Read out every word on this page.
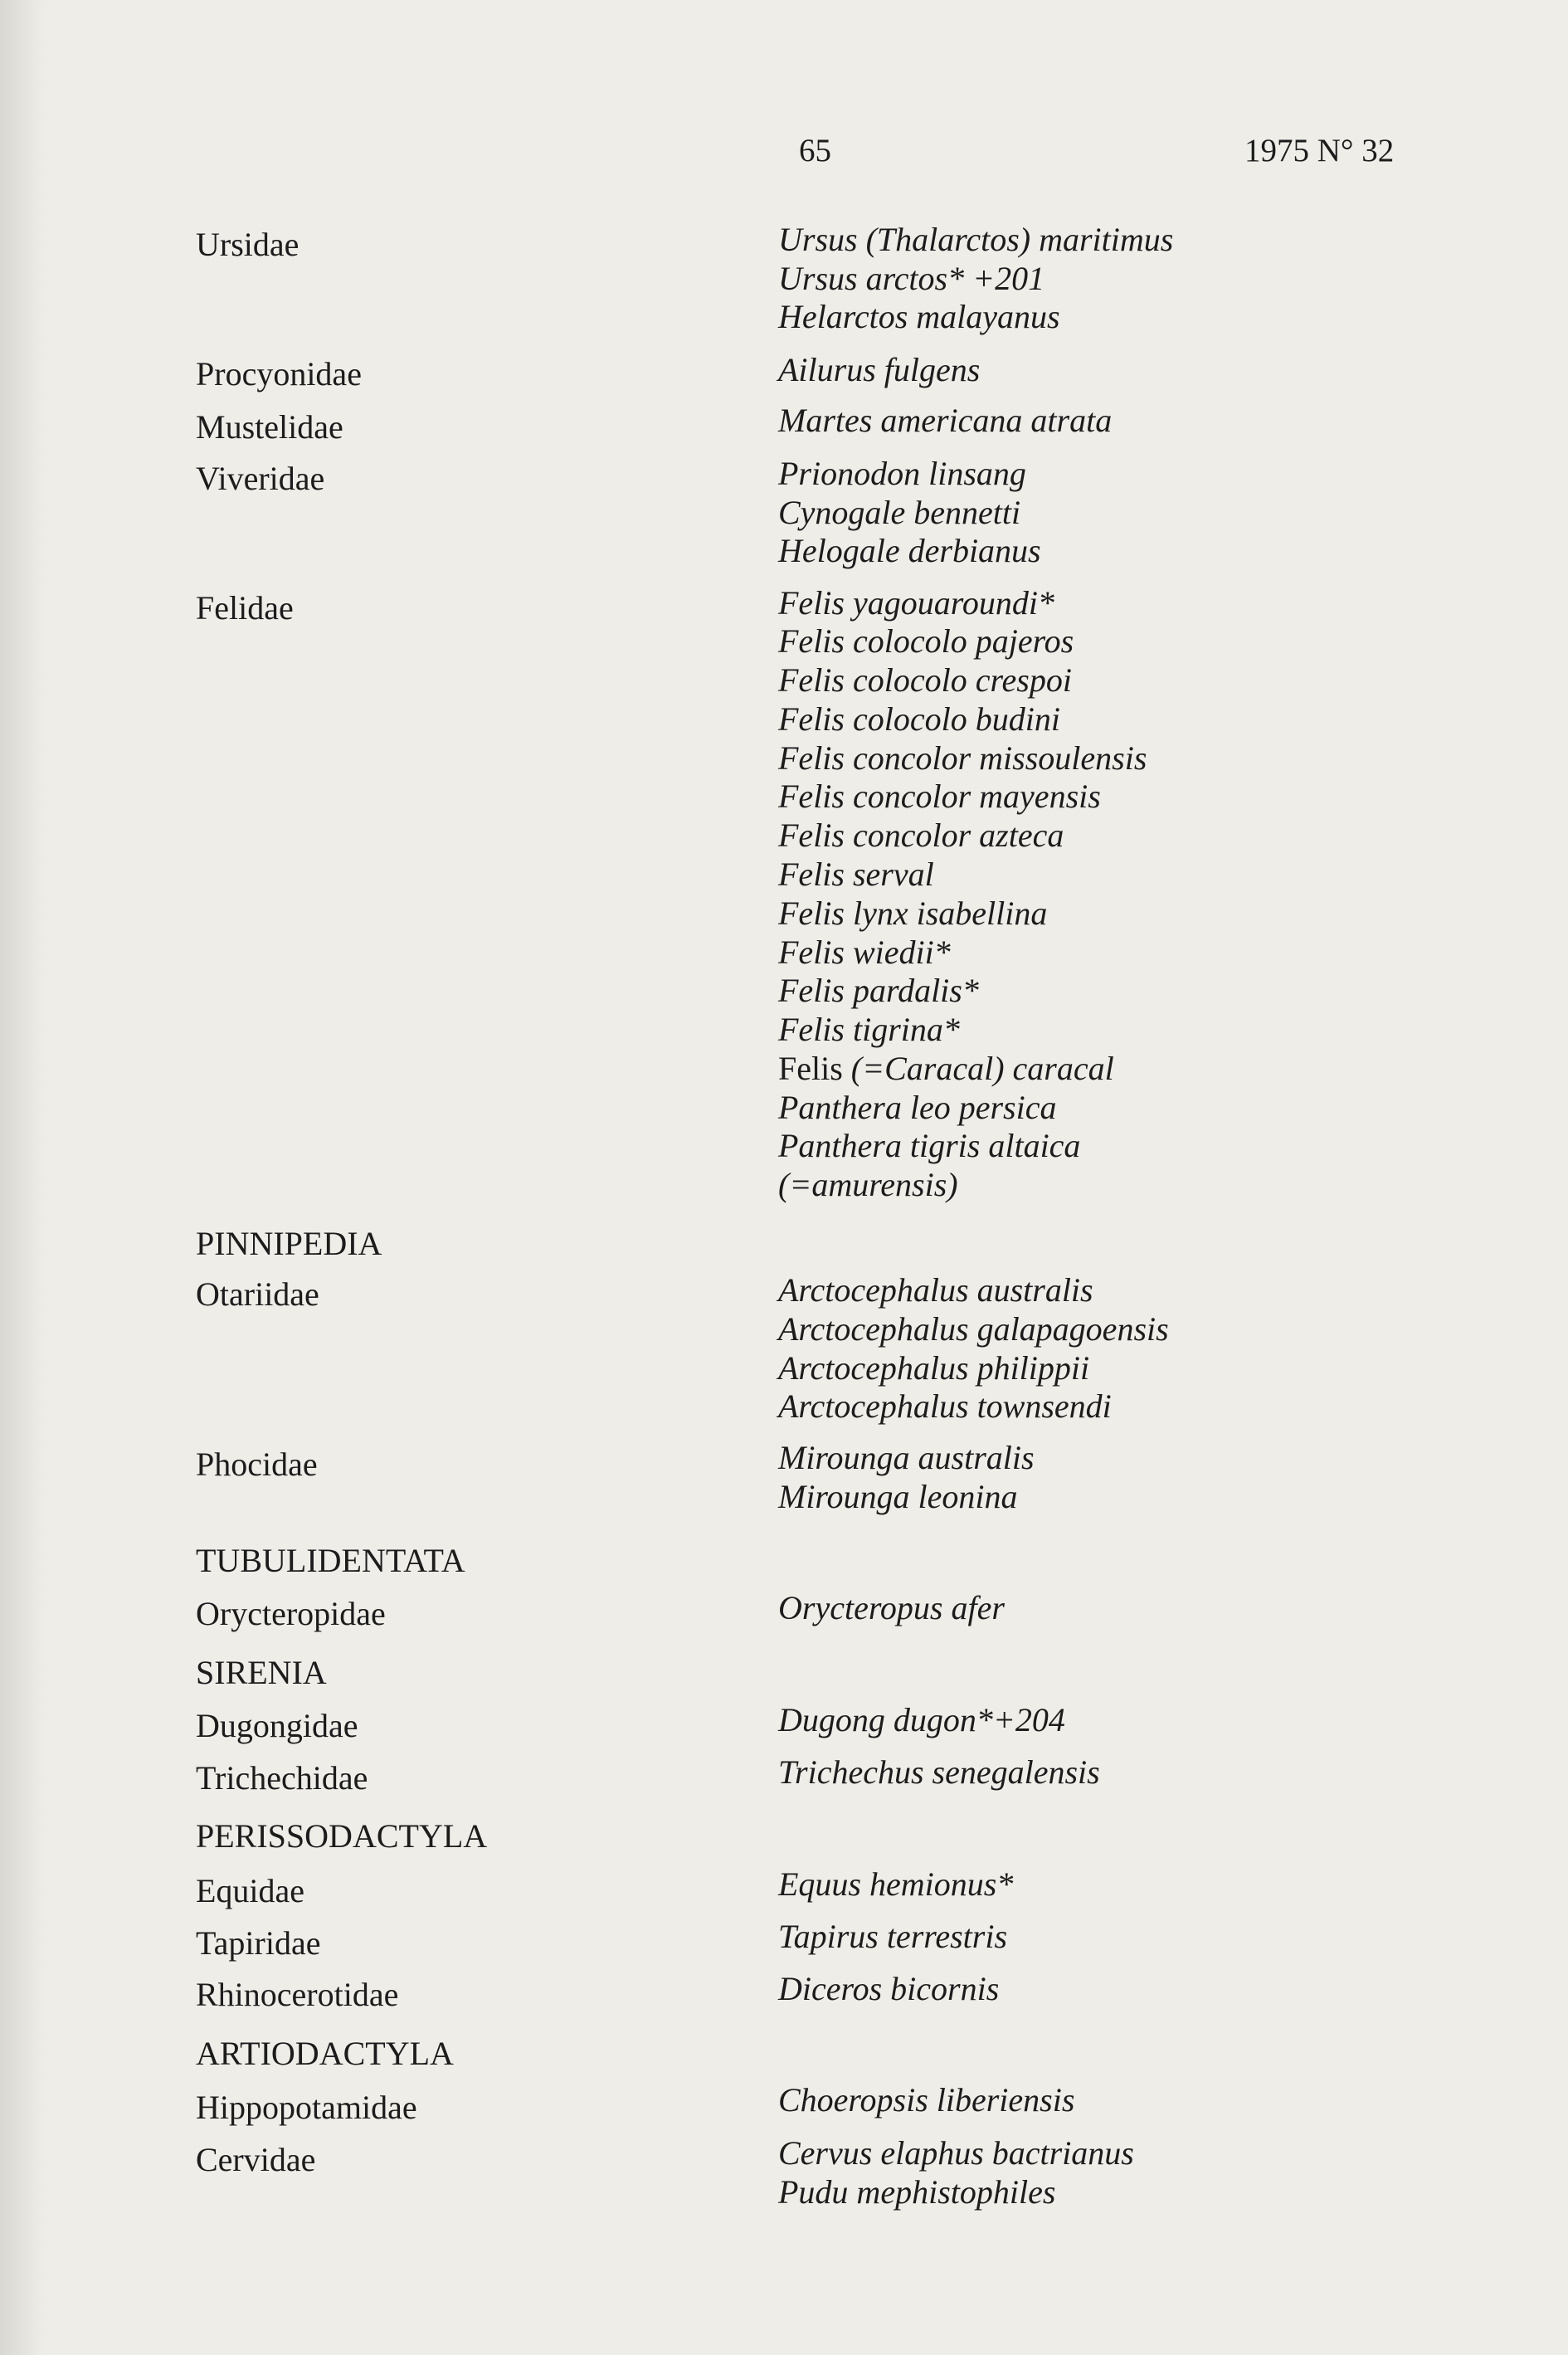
65	1975 N° 32
Ursidae	Ursus (Thalarctos) maritimus
Ursus arctos* +201
Helarctos malayanus
Procyonidae	Ailurus fulgens
Mustelidae	Martes americana atrata
Viveridae	Prionodon linsang
Cynogale bennetti
Helogale derbianus
Felidae	Felis yagouaroundi*
Felis colocolo pajeros
Felis colocolo crespoi
Felis colocolo budini
Felis concolor missoulensis
Felis concolor mayensis
Felis concolor azteca
Felis serval
Felis lynx isabellina
Felis wiedii*
Felis pardalis*
Felis tigrina*
Felis (=Caracal) caracal
Panthera leo persica
Panthera tigris altaica
(=amurensis)
PINNIPEDIA
Otariidae	Arctocephalus australis
Arctocephalus galapagoensis
Arctocephalus philippii
Arctocephalus townsendi
Phocidae	Mirounga australis
Mirounga leonina
TUBULIDENTATA
Orycteropidae	Orycteropus afer
SIRENIA
Dugongidae	Dugong dugon*+204
Trichechidae	Trichechus senegalensis
PERISSODACTYLA
Equidae	Equus hemionus*
Tapiridae	Tapirus terrestris
Rhinocerotidae	Diceros bicornis
ARTIODACTYLA
Hippopotamidae	Choeropsis liberiensis
Cervidae	Cervus elaphus bactrianus
Pudu mephistophiles
